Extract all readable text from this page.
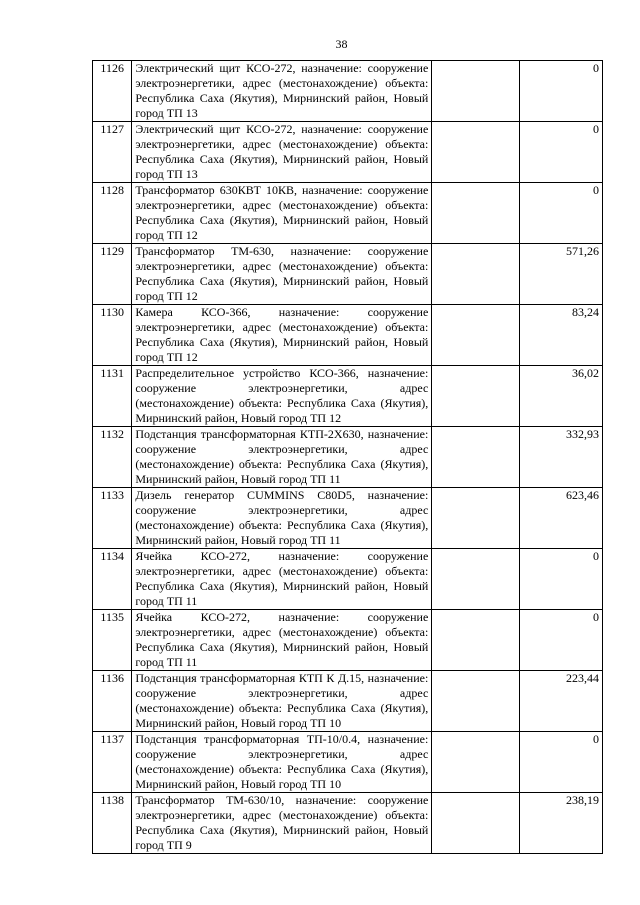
38
1126	Электрический щит КСО-272, назначение: сооружение электроэнергетики, адрес (местонахождение) объекта: Республика Саха (Якутия), Мирнинский район, Новый город ТП 13		0
1127	Электрический щит КСО-272, назначение: сооружение электроэнергетики, адрес (местонахождение) объекта: Республика Саха (Якутия), Мирнинский район, Новый город ТП 13		0
1128	Трансформатор 630КВТ 10КВ, назначение: сооружение электроэнергетики, адрес (местонахождение) объекта: Республика Саха (Якутия), Мирнинский район, Новый город ТП 12		0
1129	Трансформатор ТМ-630, назначение: сооружение электроэнергетики, адрес (местонахождение) объекта: Республика Саха (Якутия), Мирнинский район, Новый город ТП 12		571,26
1130	Камера КСО-366, назначение: сооружение электроэнергетики, адрес (местонахождение) объекта: Республика Саха (Якутия), Мирнинский район, Новый город ТП 12		83,24
1131	Распределительное устройство КСО-366, назначение: сооружение электроэнергетики, адрес (местонахождение) объекта: Республика Саха (Якутия), Мирнинский район, Новый город ТП 12		36,02
1132	Подстанция трансформаторная КТП-2Х630, назначение: сооружение электроэнергетики, адрес (местонахождение) объекта: Республика Саха (Якутия), Мирнинский район, Новый город ТП 11		332,93
1133	Дизель генератор CUMMINS C80D5, назначение: сооружение электроэнергетики, адрес (местонахождение) объекта: Республика Саха (Якутия), Мирнинский район, Новый город ТП 11		623,46
1134	Ячейка КСО-272, назначение: сооружение электроэнергетики, адрес (местонахождение) объекта: Республика Саха (Якутия), Мирнинский район, Новый город ТП 11		0
1135	Ячейка КСО-272, назначение: сооружение электроэнергетики, адрес (местонахождение) объекта: Республика Саха (Якутия), Мирнинский район, Новый город ТП 11		0
1136	Подстанция трансформаторная КТП К Д.15, назначение: сооружение электроэнергетики, адрес (местонахождение) объекта: Республика Саха (Якутия), Мирнинский район, Новый город ТП 10		223,44
1137	Подстанция трансформаторная ТП-10/0.4, назначение: сооружение электроэнергетики, адрес (местонахождение) объекта: Республика Саха (Якутия), Мирнинский район, Новый город ТП 10		0
1138	Трансформатор ТМ-630/10, назначение: сооружение электроэнергетики, адрес (местонахождение) объекта: Республика Саха (Якутия), Мирнинский район, Новый город ТП 9		238,19
